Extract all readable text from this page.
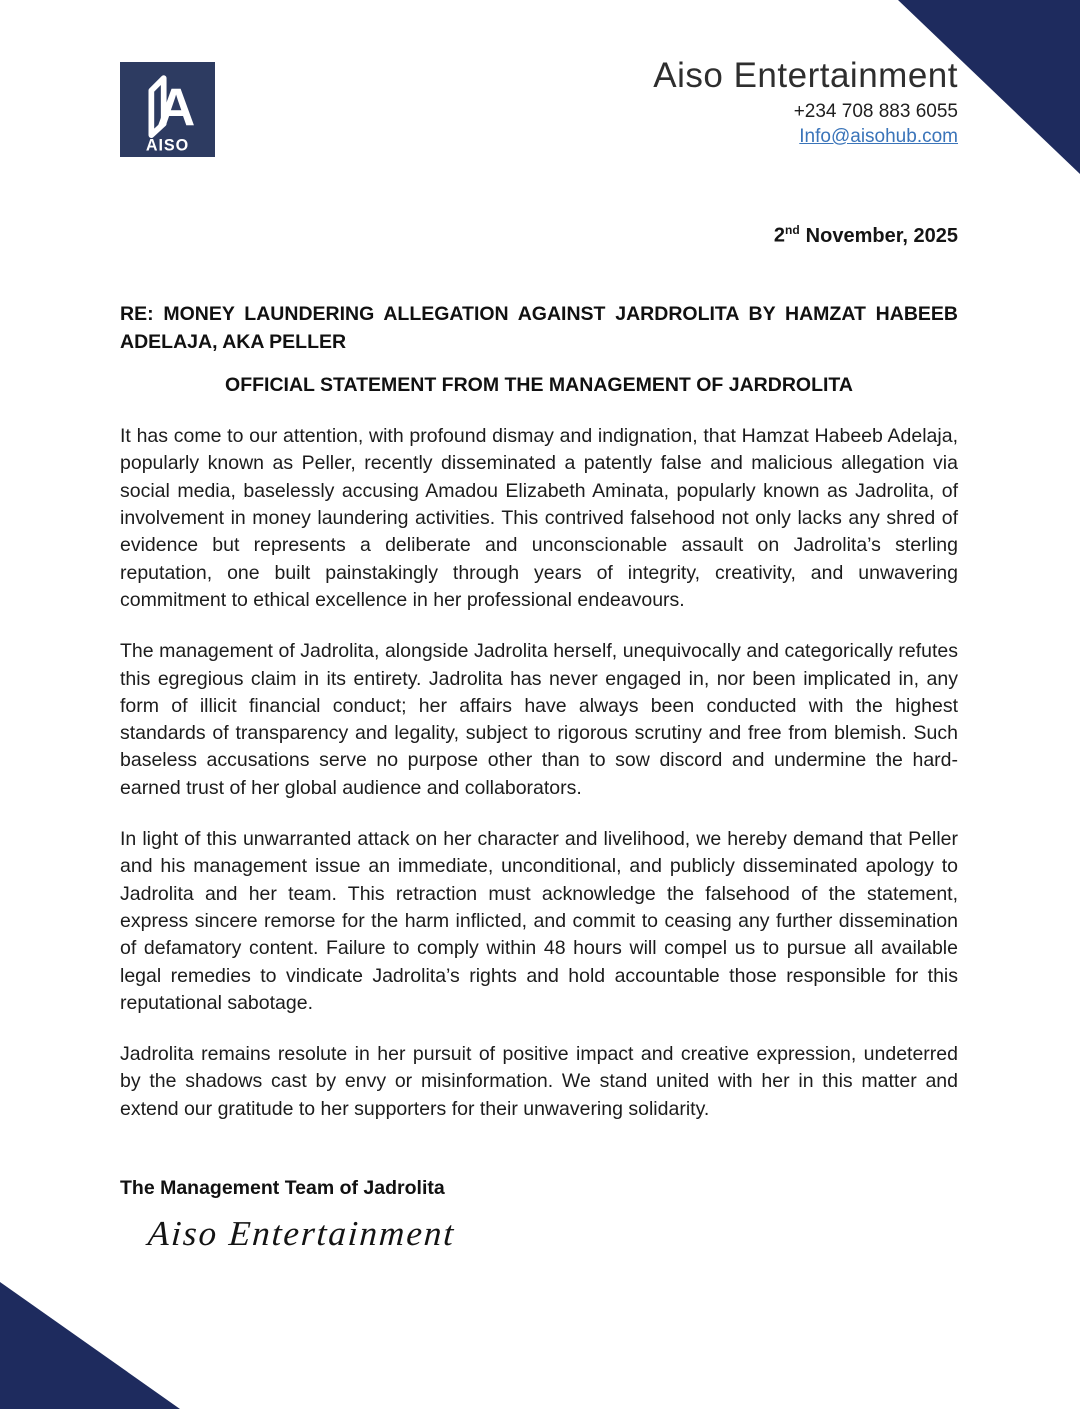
A
AISO
Aiso Entertainment
+234 708 883 6055
Info@aisohub.com
2nd November, 2025
RE: MONEY LAUNDERING ALLEGATION AGAINST JARDROLITA BY HAMZAT HABEEB ADELAJA, AKA PELLER
OFFICIAL STATEMENT FROM THE MANAGEMENT OF JARDROLITA

It has come to our attention, with profound dismay and indignation, that Hamzat Habeeb Adelaja, popularly known as Peller, recently disseminated a patently false and malicious allegation via social media, baselessly accusing Amadou Elizabeth Aminata, popularly known as Jadrolita, of involvement in money laundering activities. This contrived falsehood not only lacks any shred of evidence but represents a deliberate and unconscionable assault on Jadrolita’s sterling reputation, one built painstakingly through years of integrity, creativity, and unwavering commitment to ethical excellence in her professional endeavours.

The management of Jadrolita, alongside Jadrolita herself, unequivocally and categorically refutes this egregious claim in its entirety. Jadrolita has never engaged in, nor been implicated in, any form of illicit financial conduct; her affairs have always been conducted with the highest standards of transparency and legality, subject to rigorous scrutiny and free from blemish. Such baseless accusations serve no purpose other than to sow discord and undermine the hard-earned trust of her global audience and collaborators.

In light of this unwarranted attack on her character and livelihood, we hereby demand that Peller and his management issue an immediate, unconditional, and publicly disseminated apology to Jadrolita and her team. This retraction must acknowledge the falsehood of the statement, express sincere remorse for the harm inflicted, and commit to ceasing any further dissemination of defamatory content. Failure to comply within 48 hours will compel us to pursue all available legal remedies to vindicate Jadrolita’s rights and hold accountable those responsible for this reputational sabotage.

Jadrolita remains resolute in her pursuit of positive impact and creative expression, undeterred by the shadows cast by envy or misinformation. We stand united with her in this matter and extend our gratitude to her supporters for their unwavering solidarity.

The Management Team of Jadrolita
Aiso Entertainment
